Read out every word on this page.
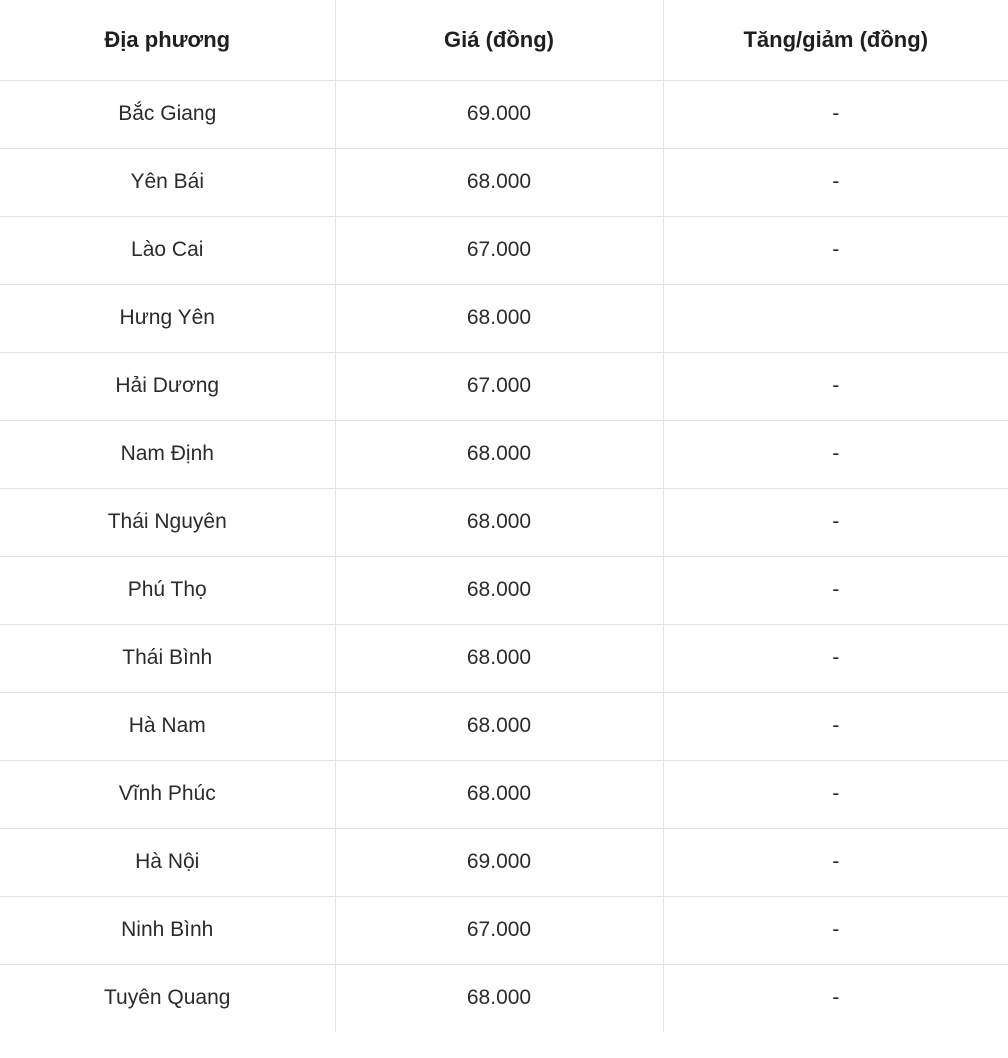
Địa phương	Giá (đồng)	Tăng/giảm (đồng)
Bắc Giang	69.000	-
Yên Bái	68.000	-
Lào Cai	67.000	-
Hưng Yên	68.000	
Hải Dương	67.000	-
Nam Định	68.000	-
Thái Nguyên	68.000	-
Phú Thọ	68.000	-
Thái Bình	68.000	-
Hà Nam	68.000	-
Vĩnh Phúc	68.000	-
Hà Nội	69.000	-
Ninh Bình	67.000	-
Tuyên Quang	68.000	-
